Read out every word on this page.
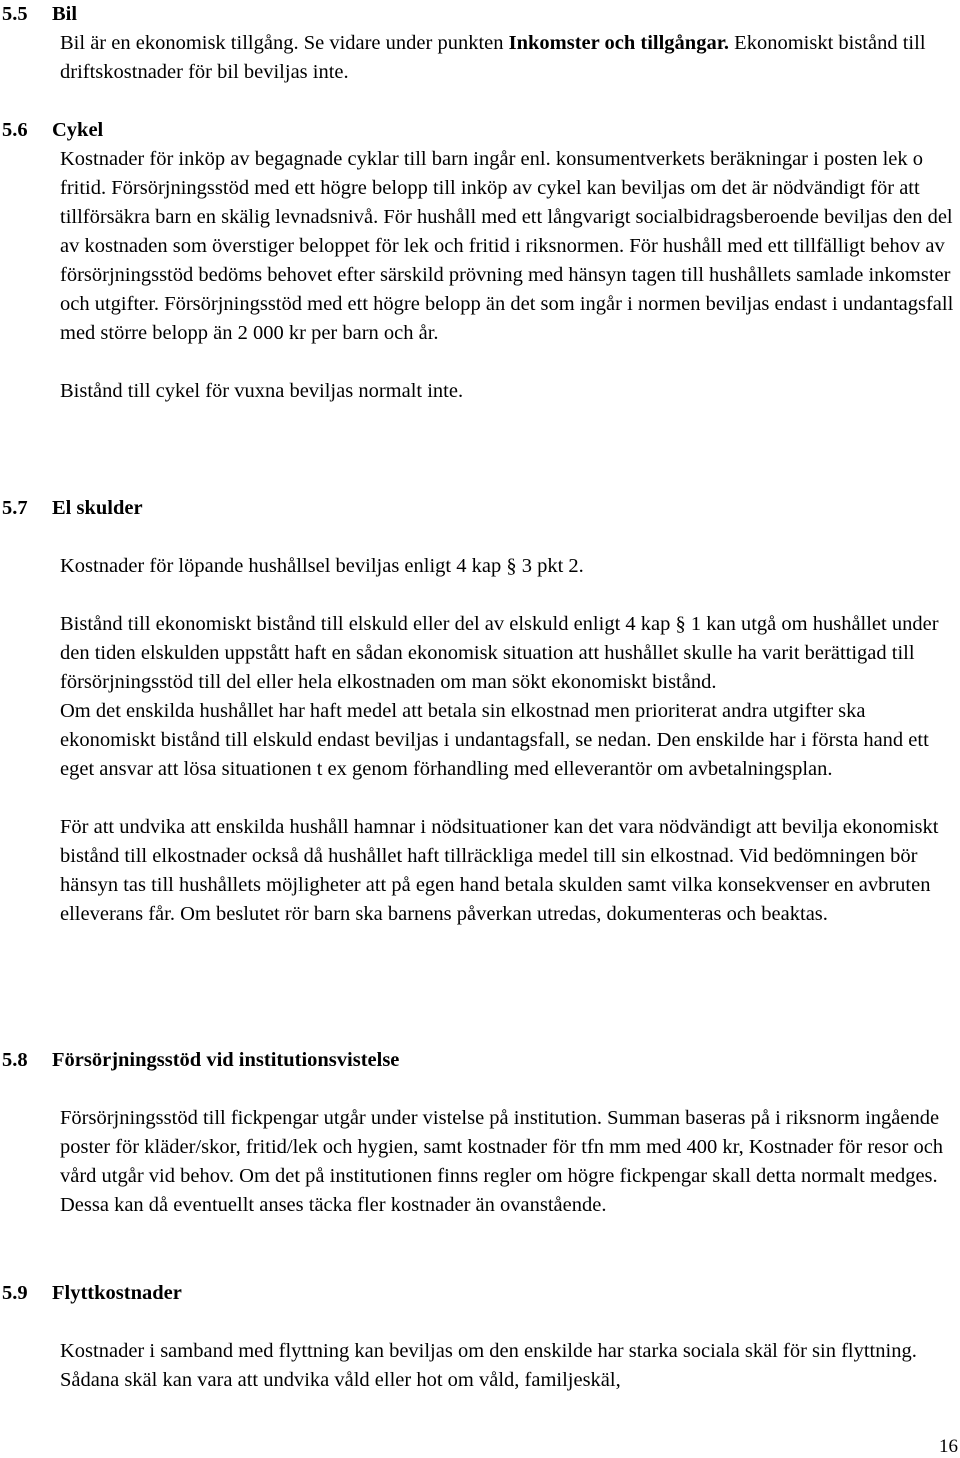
5.5 Bil

Bil är en ekonomisk tillgång. Se vidare under punkten Inkomster och tillgångar. Ekonomiskt bistånd till driftskostnader för bil beviljas inte.

5.6 Cykel

Kostnader för inköp av begagnade cyklar till barn ingår enl. konsumentverkets beräkningar i posten lek o fritid. Försörjningsstöd med ett högre belopp till inköp av cykel kan beviljas om det är nödvändigt för att tillförsäkra barn en skälig levnadsnivå. För hushåll med ett långvarigt socialbidragsberoende beviljas den del av kostnaden som överstiger beloppet för lek och fritid i riksnormen. För hushåll med ett tillfälligt behov av försörjningsstöd bedöms behovet efter särskild prövning med hänsyn tagen till hushållets samlade inkomster och utgifter. Försörjningsstöd med ett högre belopp än det som ingår i normen beviljas endast i undantagsfall med större belopp än 2 000 kr per barn och år.

Bistånd till cykel för vuxna beviljas normalt inte.

5.7 El skulder

Kostnader för löpande hushållsel beviljas enligt 4 kap § 3 pkt 2.

Bistånd till ekonomiskt bistånd till elskuld eller del av elskuld enligt 4 kap § 1 kan utgå om hushållet under den tiden elskulden uppstått haft en sådan ekonomisk situation att hushållet skulle ha varit berättigad till försörjningsstöd till del eller hela elkostnaden om man sökt ekonomiskt bistånd.

Om det enskilda hushållet har haft medel att betala sin elkostnad men prioriterat andra utgifter ska ekonomiskt bistånd till elskuld endast beviljas i undantagsfall, se nedan. Den enskilde har i första hand ett eget ansvar att lösa situationen t ex genom förhandling med elleverantör om avbetalningsplan.

För att undvika att enskilda hushåll hamnar i nödsituationer kan det vara nödvändigt att bevilja ekonomiskt bistånd till elkostnader också då hushållet haft tillräckliga medel till sin elkostnad. Vid bedömningen bör hänsyn tas till hushållets möjligheter att på egen hand betala skulden samt vilka konsekvenser en avbruten elleverans får. Om beslutet rör barn ska barnens påverkan utredas, dokumenteras och beaktas.

5.8 Försörjningsstöd vid institutionsvistelse

Försörjningsstöd till fickpengar utgår under vistelse på institution. Summan baseras på i riksnorm ingående poster för kläder/skor, fritid/lek och hygien, samt kostnader för tfn mm med 400 kr, Kostnader för resor och vård utgår vid behov. Om det på institutionen finns regler om högre fickpengar skall detta normalt medges. Dessa kan då eventuellt anses täcka fler kostnader än ovanstående.

5.9 Flyttkostnader

Kostnader i samband med flyttning kan beviljas om den enskilde har starka sociala skäl för sin flyttning. Sådana skäl kan vara att undvika våld eller hot om våld, familjeskäl,

16
